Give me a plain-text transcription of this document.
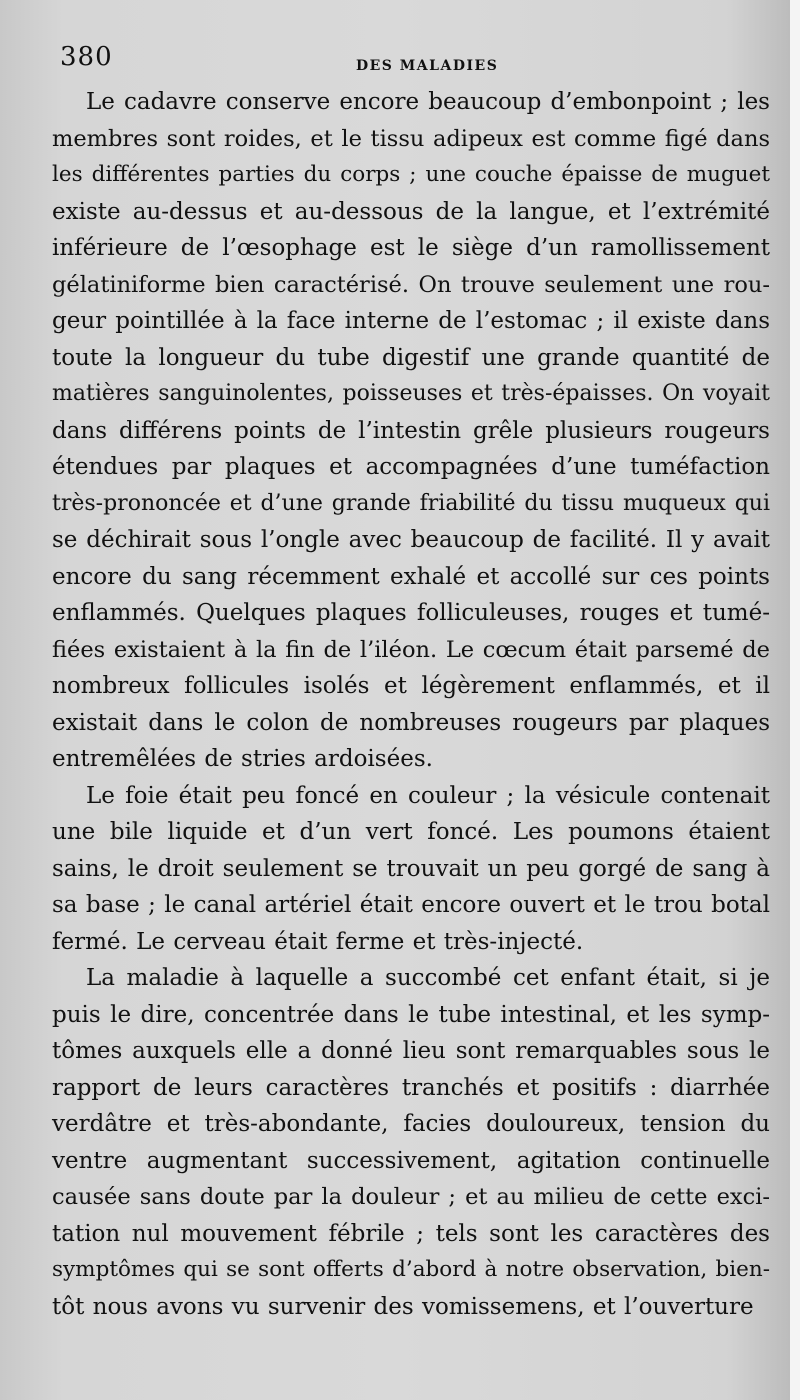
380	DES MALADIES
Le cadavre conserve encore beaucoup d’embonpoint ; les
membres sont roides, et le tissu adipeux est comme figé dans
les différentes parties du corps ; une couche épaisse de muguet
existe au-dessus et au-dessous de la langue, et l’extrémité
inférieure de l’œsophage est le siège d’un ramollissement
gélatiniforme bien caractérisé. On trouve seulement une rou-
geur pointillée à la face interne de l’estomac ; il existe dans
toute la longueur du tube digestif une grande quantité de
matières sanguinolentes, poisseuses et très-épaisses. On voyait
dans différens points de l’intestin grêle plusieurs rougeurs
étendues par plaques et accompagnées d’une tuméfaction
très-prononcée et d’une grande friabilité du tissu muqueux qui
se déchirait sous l’ongle avec beaucoup de facilité. Il y avait
encore du sang récemment exhalé et accollé sur ces points
enflammés. Quelques plaques folliculeuses, rouges et tumé-
fiées existaient à la fin de l’iléon. Le cœcum était parsemé de
nombreux follicules isolés et légèrement enflammés, et il
existait dans le colon de nombreuses rougeurs par plaques
entremêlées de stries ardoisées.
Le foie était peu foncé en couleur ; la vésicule contenait
une bile liquide et d’un vert foncé. Les poumons étaient
sains, le droit seulement se trouvait un peu gorgé de sang à
sa base ; le canal artériel était encore ouvert et le trou botal
fermé. Le cerveau était ferme et très-injecté.
La maladie à laquelle a succombé cet enfant était, si je
puis le dire, concentrée dans le tube intestinal, et les symp-
tômes auxquels elle a donné lieu sont remarquables sous le
rapport de leurs caractères tranchés et positifs : diarrhée
verdâtre et très-abondante, facies douloureux, tension du
ventre augmentant successivement, agitation continuelle
causée sans doute par la douleur ; et au milieu de cette exci-
tation nul mouvement fébrile ; tels sont les caractères des
symptômes qui se sont offerts d’abord à notre observation, bien-
tôt nous avons vu survenir des vomissemens, et l’ouverture
